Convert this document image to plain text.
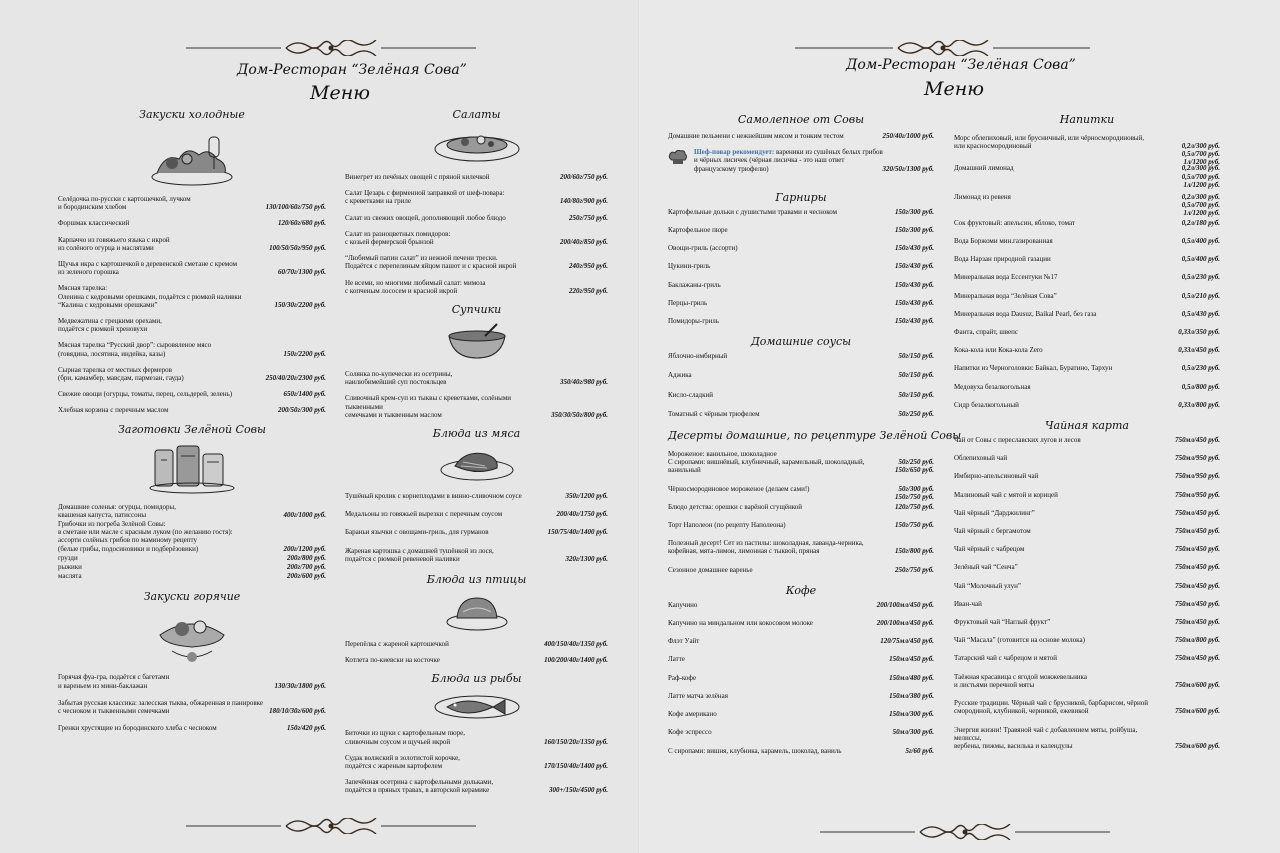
Дом-Ресторан “Зелёная Сова”
Меню
Закуски холодные
Селёдочка по-русски с картошечкой, лучком
и бородинским хлебом	130/100/60г/750 руб.
Форшмак классический	120/60г/680 руб.
Карпаччо из говяжьего языка с икрой
из солёного огурца и маслятами	100/50/50г/950 руб.
Щучья икра с картошечкой в деревенской сметане с кремом
из зеленого горошка	60/70г/1300 руб.
Мясная тарелка:
Оленина с кедровыми орешками, подаётся с рюмкой наливки
“Калина с кедровыми орешками”	150/30г/2200 руб.
Медвежатина с грецкими орехами,
подаётся с рюмкой хреновухи
Мясная тарелка “Русский двор”: сыровяленое мясо
(говядина, лосятина, индейка, казы)	150г/2200 руб.
Сырная тарелка от местных фермеров
(бри, камамбер, мавсдам, пармезан, гауда)	250/40/20г/2300 руб.
Свежие овощи (огурцы, томаты, перец, сельдерей, зелень)	650г/1400 руб.
Хлебная корзина с перечным маслом	200/50г/300 руб.
Заготовки Зелёной Совы
Домашние соленья: огурцы, помидоры,
квашеная капуста, патиссоны	400г/1000 руб.
Грибочки из погреба Зелёной Совы:
в сметане или масле с красным луком (по желанию гостя):
ассорти солёных грибов по маминому рецепту
(белые грибы, подосиновики и подберёзовики)	200г/1200 руб.
грузди	200г/800 руб.
рыжики	200г/700 руб.
маслята	200г/600 руб.
Закуски горячие
Горячая фуа-гра, подаётся с багетами
и вареньем из мини-баклажан	130/30г/1800 руб.
Забытая русская классика: залесская тыква, обжаренная в панировке
с чесноком и тыквенными семечками	180/10/30г/600 руб.
Гренки хрустящие из бородинского хлеба с чесноком	150г/420 руб.
Салаты
Винегрет из печёных овощей с пряной килечкой	200/60г/750 руб.
Салат Цезарь с фирменной заправкой от шеф-повара:
с креветками на гриле	140/80г/900 руб.
Салат из свежих овощей, дополняющий любое блюдо	250г/750 руб.
Салат из разноцветных помидоров:
с козьей фермерской брынзой	200/40г/850 руб.
“Любимый папин салат” из нежной печени трески.
Подаётся с перепелиным яйцом пашот и с красной икрой	240г/950 руб.
Не всеми, но многими любимый салат: мимоза
с копченым лососем и красной икрой	220г/950 руб.
Супчики
Солянка по-купечески из осетрины,
наилюбимейший суп постояльцев	350/40г/980 руб.
Сливочный крем-суп из тыквы с креветками, солёными тыквенными
семечками и тыквенным маслом	350/30/50г/800 руб.
Блюда из мяса
Тушёный кролик с корнеплодами в винно-сливочном соусе	350г/1200 руб.
Медальоны из говяжьей вырезки с перечным соусом	200/40г/1750 руб.
Бараньи язычки с овощами-гриль, для гурманов	150/75/40г/1400 руб.
Жареная картошка с домашней тушёнкой из лося,
подаётся с рюмкой ревеневой наливки	320г/1300 руб.
Блюда из птицы
Перепёлка с жареной картошечкой	400/150/40г/1350 руб.
Котлета по-киевски на косточке	100/200/40г/1400 руб.
Блюда из рыбы
Биточки из щуки с картофельным пюре,
сливочным соусом и щучьей икрой	160/150/20г/1350 руб.
Судак волжский в золотистой корочке,
подаётся с жареным картофелем	170/150/40г/1400 руб.
Запечённая осетрина с картофельными дольками,
подаётся в пряных травах, в авторской керамике	300+/150г/4500 руб.
Дом-Ресторан “Зелёная Сова”
Меню
Самолепное от Совы
Домашние пельмени с нежнейшим мясом и тонким тестом	250/40г/1000 руб.
Шеф-повар рекомендует: вареники из сушёных белых грибов
и чёрных лисичек (чёрная лисичка - это наш ответ
французскому трюфелю)	320/50г/1300 руб.
Гарниры
Картофельные дольки с душистыми травами и чесноком	150г/300 руб.
Картофельное пюре	150г/300 руб.
Овощи-гриль (ассорти)	150г/430 руб.
Цукини-гриль	150г/430 руб.
Баклажаны-гриль	150г/430 руб.
Перцы-гриль	150г/430 руб.
Помидоры-гриль	150г/430 руб.
Домашние соусы
Яблочно-имбирный	50г/150 руб.
Аджика	50г/150 руб.
Кисло-сладкий	50г/150 руб.
Томатный с чёрным трюфелем	50г/250 руб.
Десерты домашние, по рецептуре Зелёной Совы
Мороженое: ванильное, шоколадное
С сиропами: вишнёвый, клубничный, карамельный, шоколадный,
ванильный
50г/250 руб.
150г/650 руб.
Чёрносмородиновое мороженое (делаем сами!)	50г/300 руб.
150г/750 руб.
Блюдо детства: орешки с варёной сгущёнкой	120г/750 руб.
Торт Наполеон (по рецепту Наполеона)	150г/750 руб.
Полезный десерт! Сет из пастилы: шоколадная, лаванда-черника,
кофейная, мята-лимон, лимонная с тыквой, пряная	150г/800 руб.
Сезонное домашнее варенье	250г/750 руб.
Кофе
Капучино	200/100мл/450 руб.
Капучино на миндальном или кокосовом молоке	200/100мл/450 руб.
Флэт Уайт	120/75мл/450 руб.
Латте	150мл/450 руб.
Раф-кофе	150мл/480 руб.
Латте матча зелёная	150мл/380 руб.
Кофе американо	150мл/300 руб.
Кофе эспрессо	50мл/300 руб.
С сиропами: вишня, клубника, карамель, шоколад, ваниль	5г/60 руб.
Напитки
Морс облепиховый, или брусничный, или чёрносмородиновый,
или красносмородиновый	0,2л/300 руб.
0,5л/700 руб.
1л/1200 руб.
Домашний лимонад	0,2л/300 руб.
0,5л/700 руб.
1л/1200 руб.
Лимонад из ревеня	0,2л/300 руб.
0,5л/700 руб.
1л/1200 руб.
Сок фруктовый: апельсин, яблоко, томат	0,2л/180 руб.
Вода Боржоми мин.газированная	0,5л/400 руб.
Вода Нарзан природной газации	0,5л/400 руб.
Минеральная вода Ессентуки №17	0,5л/230 руб.
Минеральная вода “Зелёная Сова”	0,5л/210 руб.
Минеральная вода Dausuz, Baikal Pearl, без газа	0,5л/430 руб.
Фанта, спрайт, швепс	0,33л/350 руб.
Кока-кола или Кока-кола Zero	0,33л/450 руб.
Напитки из Черноголовки: Байкал, Буратино, Тархун	0,5л/230 руб.
Медовуха безалкогольная	0,5л/800 руб.
Сидр безалкогольный	0,33л/800 руб.
Чайная карта
Чай от Совы с переславских лугов и лесов	750мл/450 руб.
Облепиховый чай	750мл/950 руб.
Имбирно-апельсиновый чай	750мл/950 руб.
Малиновый чай с мятой и корицей	750мл/950 руб.
Чай чёрный “Дарджилинг”	750мл/450 руб.
Чай чёрный с бергамотом	750мл/450 руб.
Чай чёрный с чабрецом	750мл/450 руб.
Зелёный чай “Сенча”	750мл/450 руб.
Чай “Молочный улун”	750мл/450 руб.
Иван-чай	750мл/450 руб.
Фруктовый чай “Наглый фрукт”	750мл/450 руб.
Чай “Масала” (готовится на основе молока)	750мл/800 руб.
Татарский чай с чабрецом и мятой	750мл/450 руб.
Таёжная красавица с ягодой можжевельника
и листьями перечной мяты	750мл/600 руб.
Русские традиции. Чёрный чай с брусникой, барбарисом, чёрной
смородиной, клубникой, черникой, ежевикой	750мл/600 руб.
Энергия жизни! Травяной чай с добавлением мяты, ройбуша, мелиссы,
вербены, пижмы, василька и календулы	750мл/600 руб.
